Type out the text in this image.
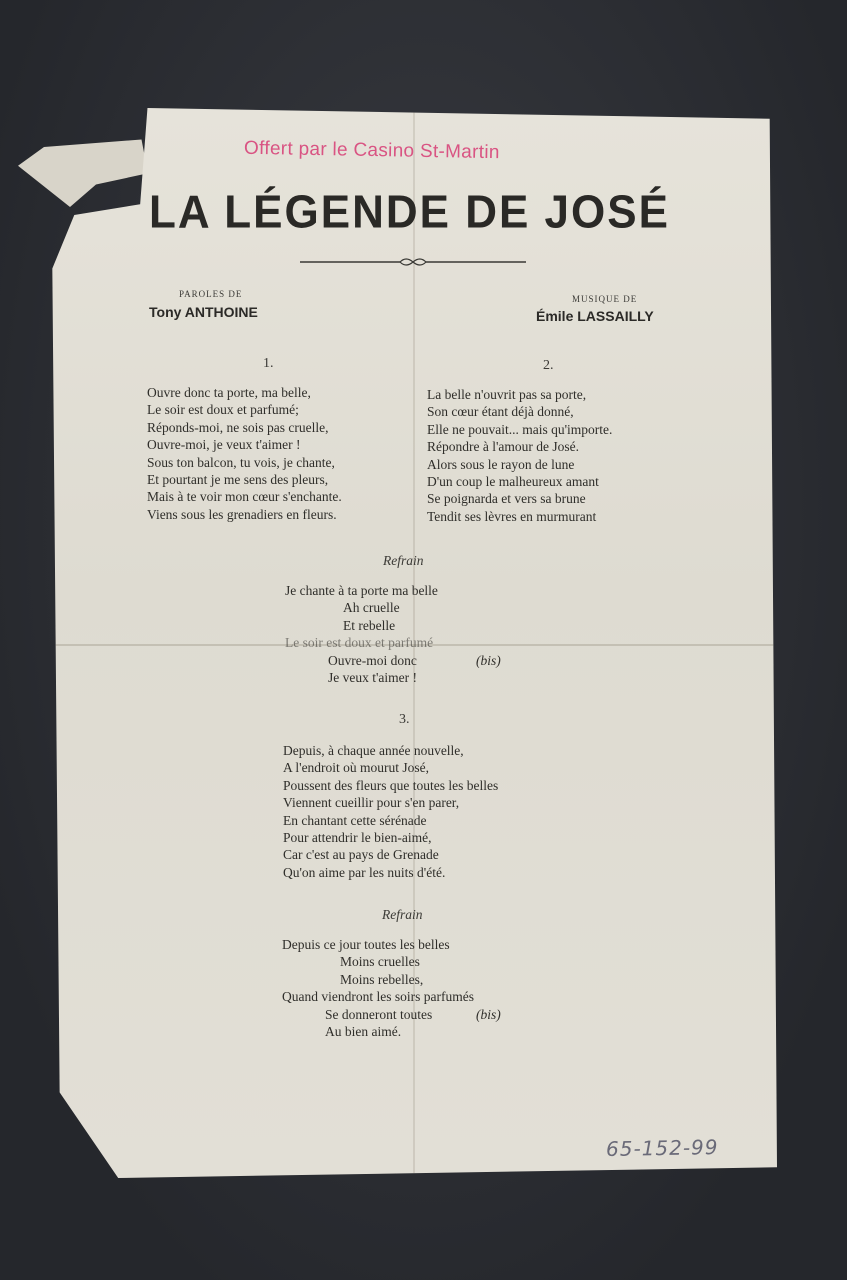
Offert par le Casino St-Martin
LA LÉGENDE DE JOSÉ
PAROLES DE
Tony ANTHOINE
MUSIQUE DE
Émile LASSAILLY
1.
Ouvre donc ta porte, ma belle,
Le soir est doux et parfumé;
Réponds-moi, ne sois pas cruelle,
Ouvre-moi, je veux t'aimer !
Sous ton balcon, tu vois, je chante,
Et pourtant je me sens des pleurs,
Mais à te voir mon cœur s'enchante.
Viens sous les grenadiers en fleurs.
2.
La belle n'ouvrit pas sa porte,
Son cœur étant déjà donné,
Elle ne pouvait... mais qu'importe.
Répondre à l'amour de José.
Alors sous le rayon de lune
D'un coup le malheureux amant
Se poignarda et vers sa brune
Tendit ses lèvres en murmurant
Refrain
Je chante à ta porte ma belle
Ah cruelle
Et rebelle
Le soir est doux et parfumé
Ouvre-moi donc
Je veux t'aimer !
(bis)
3.
Depuis, à chaque année nouvelle,
A l'endroit où mourut José,
Poussent des fleurs que toutes les belles
Viennent cueillir pour s'en parer,
En chantant cette sérénade
Pour attendrir le bien-aimé,
Car c'est au pays de Grenade
Qu'on aime par les nuits d'été.
Refrain
Depuis ce jour toutes les belles
Moins cruelles
Moins rebelles,
Quand viendront les soirs parfumés
Se donneront toutes
Au bien aimé.
(bis)
65-152-99
